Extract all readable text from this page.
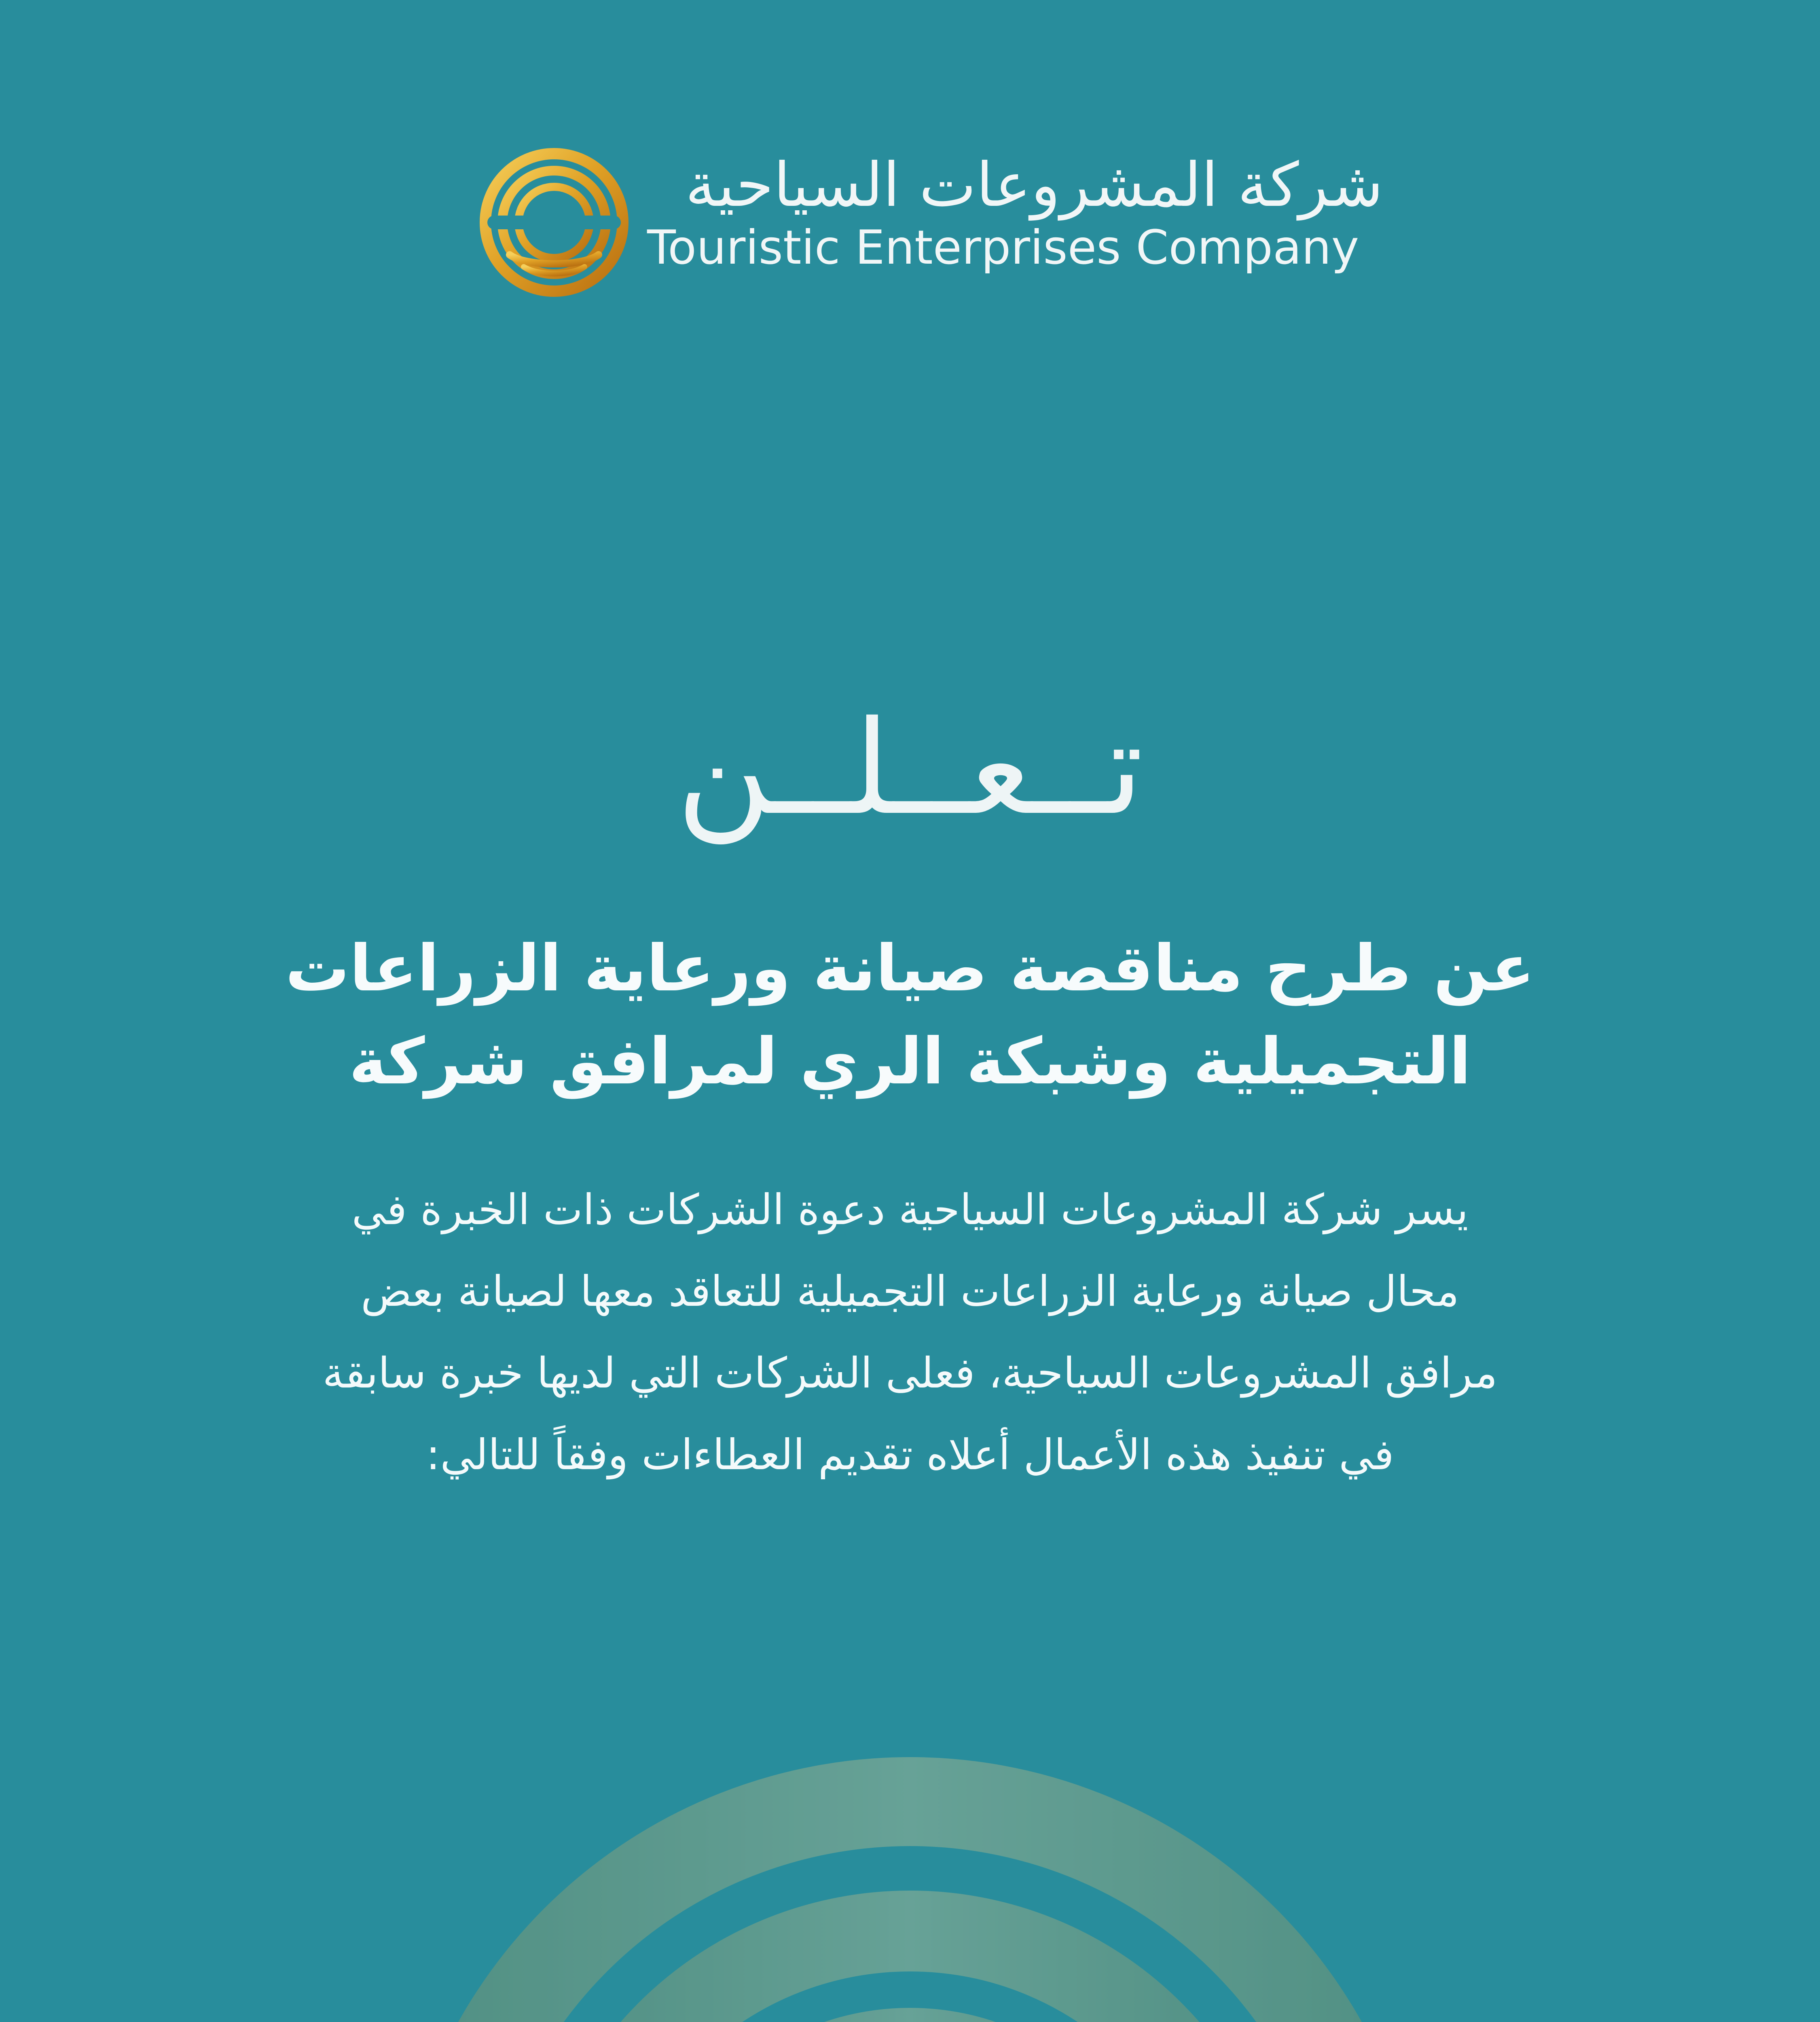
شركة المشروعات السياحية
Touristic Enterprises Company
تــعــلــن
عن طرح مناقصة صيانة ورعاية الزراعات
التجميلية وشبكة الري لمرافق شركة
يسر شركة المشروعات السياحية دعوة الشركات ذات الخبرة في
محال صيانة ورعاية الزراعات التجميلية للتعاقد معها لصيانة بعض
مرافق المشروعات السياحية، فعلى الشركات التي لديها خبرة سابقة
في تنفيذ هذه الأعمال أعلاه تقديم العطاءات وفقاً للتالي:
